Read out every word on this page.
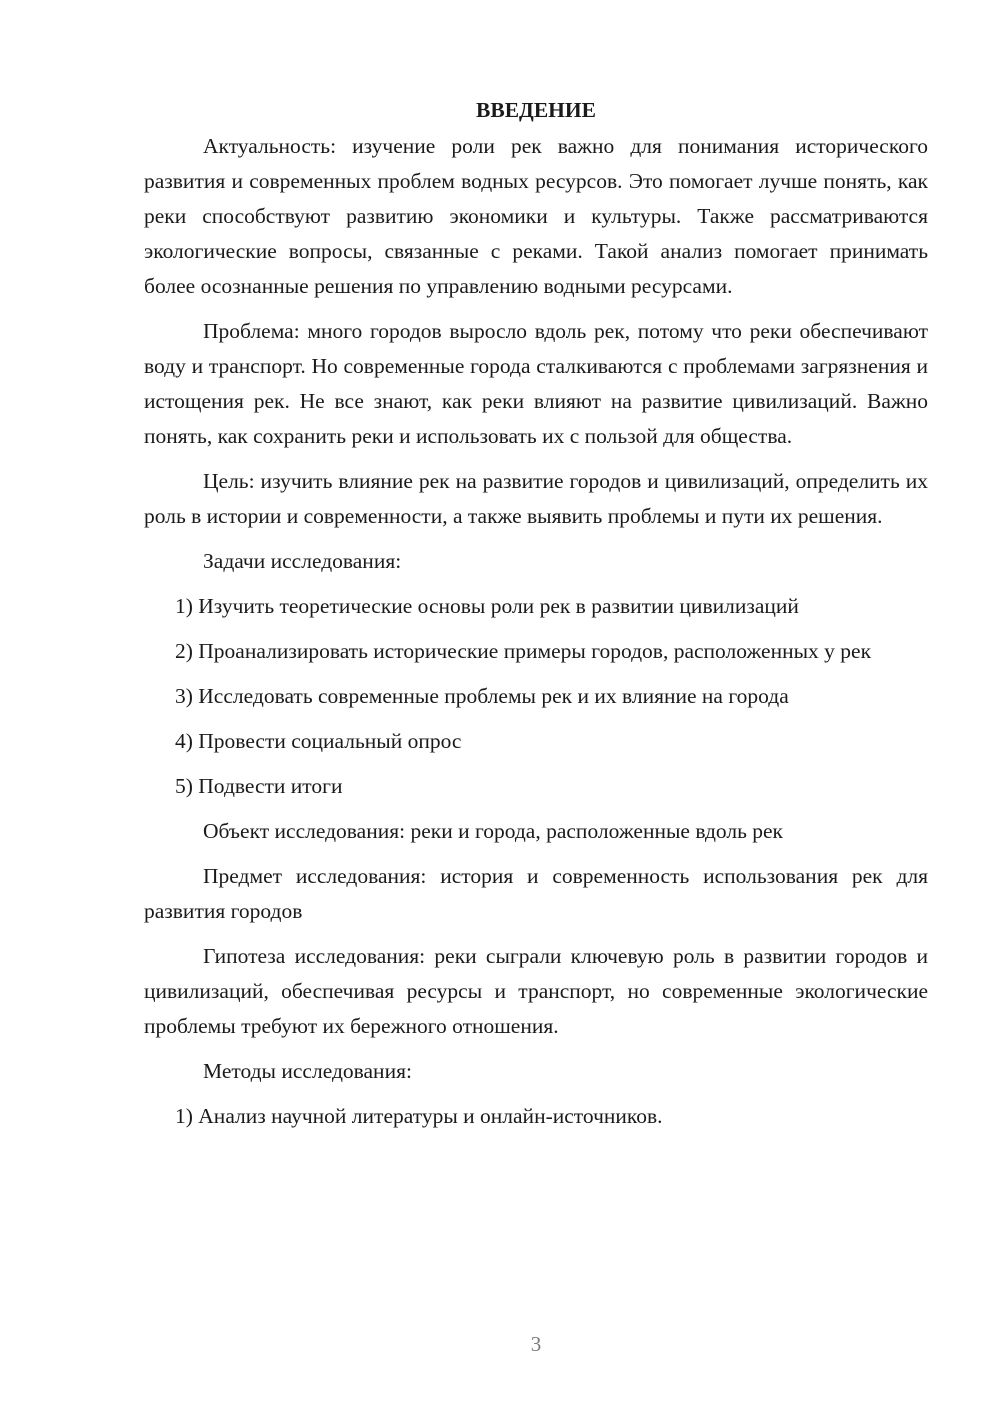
ВВЕДЕНИЕ

Актуальность: изучение роли рек важно для понимания исторического развития и современных проблем водных ресурсов. Это помогает лучше понять, как реки способствуют развитию экономики и культуры. Также рассматриваются экологические вопросы, связанные с реками. Такой анализ помогает принимать более осознанные решения по управлению водными ресурсами.

Проблема: много городов выросло вдоль рек, потому что реки обеспечивают воду и транспорт. Но современные города сталкиваются с проблемами загрязнения и истощения рек. Не все знают, как реки влияют на развитие цивилизаций. Важно понять, как сохранить реки и использовать их с пользой для общества.

Цель: изучить влияние рек на развитие городов и цивилизаций, определить их роль в истории и современности, а также выявить проблемы и пути их решения.

Задачи исследования:

1) Изучить теоретические основы роли рек в развитии цивилизаций

2) Проанализировать исторические примеры городов, расположенных у рек

3) Исследовать современные проблемы рек и их влияние на города

4) Провести социальный опрос

5) Подвести итоги

Объект исследования: реки и города, расположенные вдоль рек

Предмет исследования: история и современность использования рек для развития городов

Гипотеза исследования: реки сыграли ключевую роль в развитии городов и цивилизаций, обеспечивая ресурсы и транспорт, но современные экологические проблемы требуют их бережного отношения.

Методы исследования:

1) Анализ научной литературы и онлайн-источников.

3
